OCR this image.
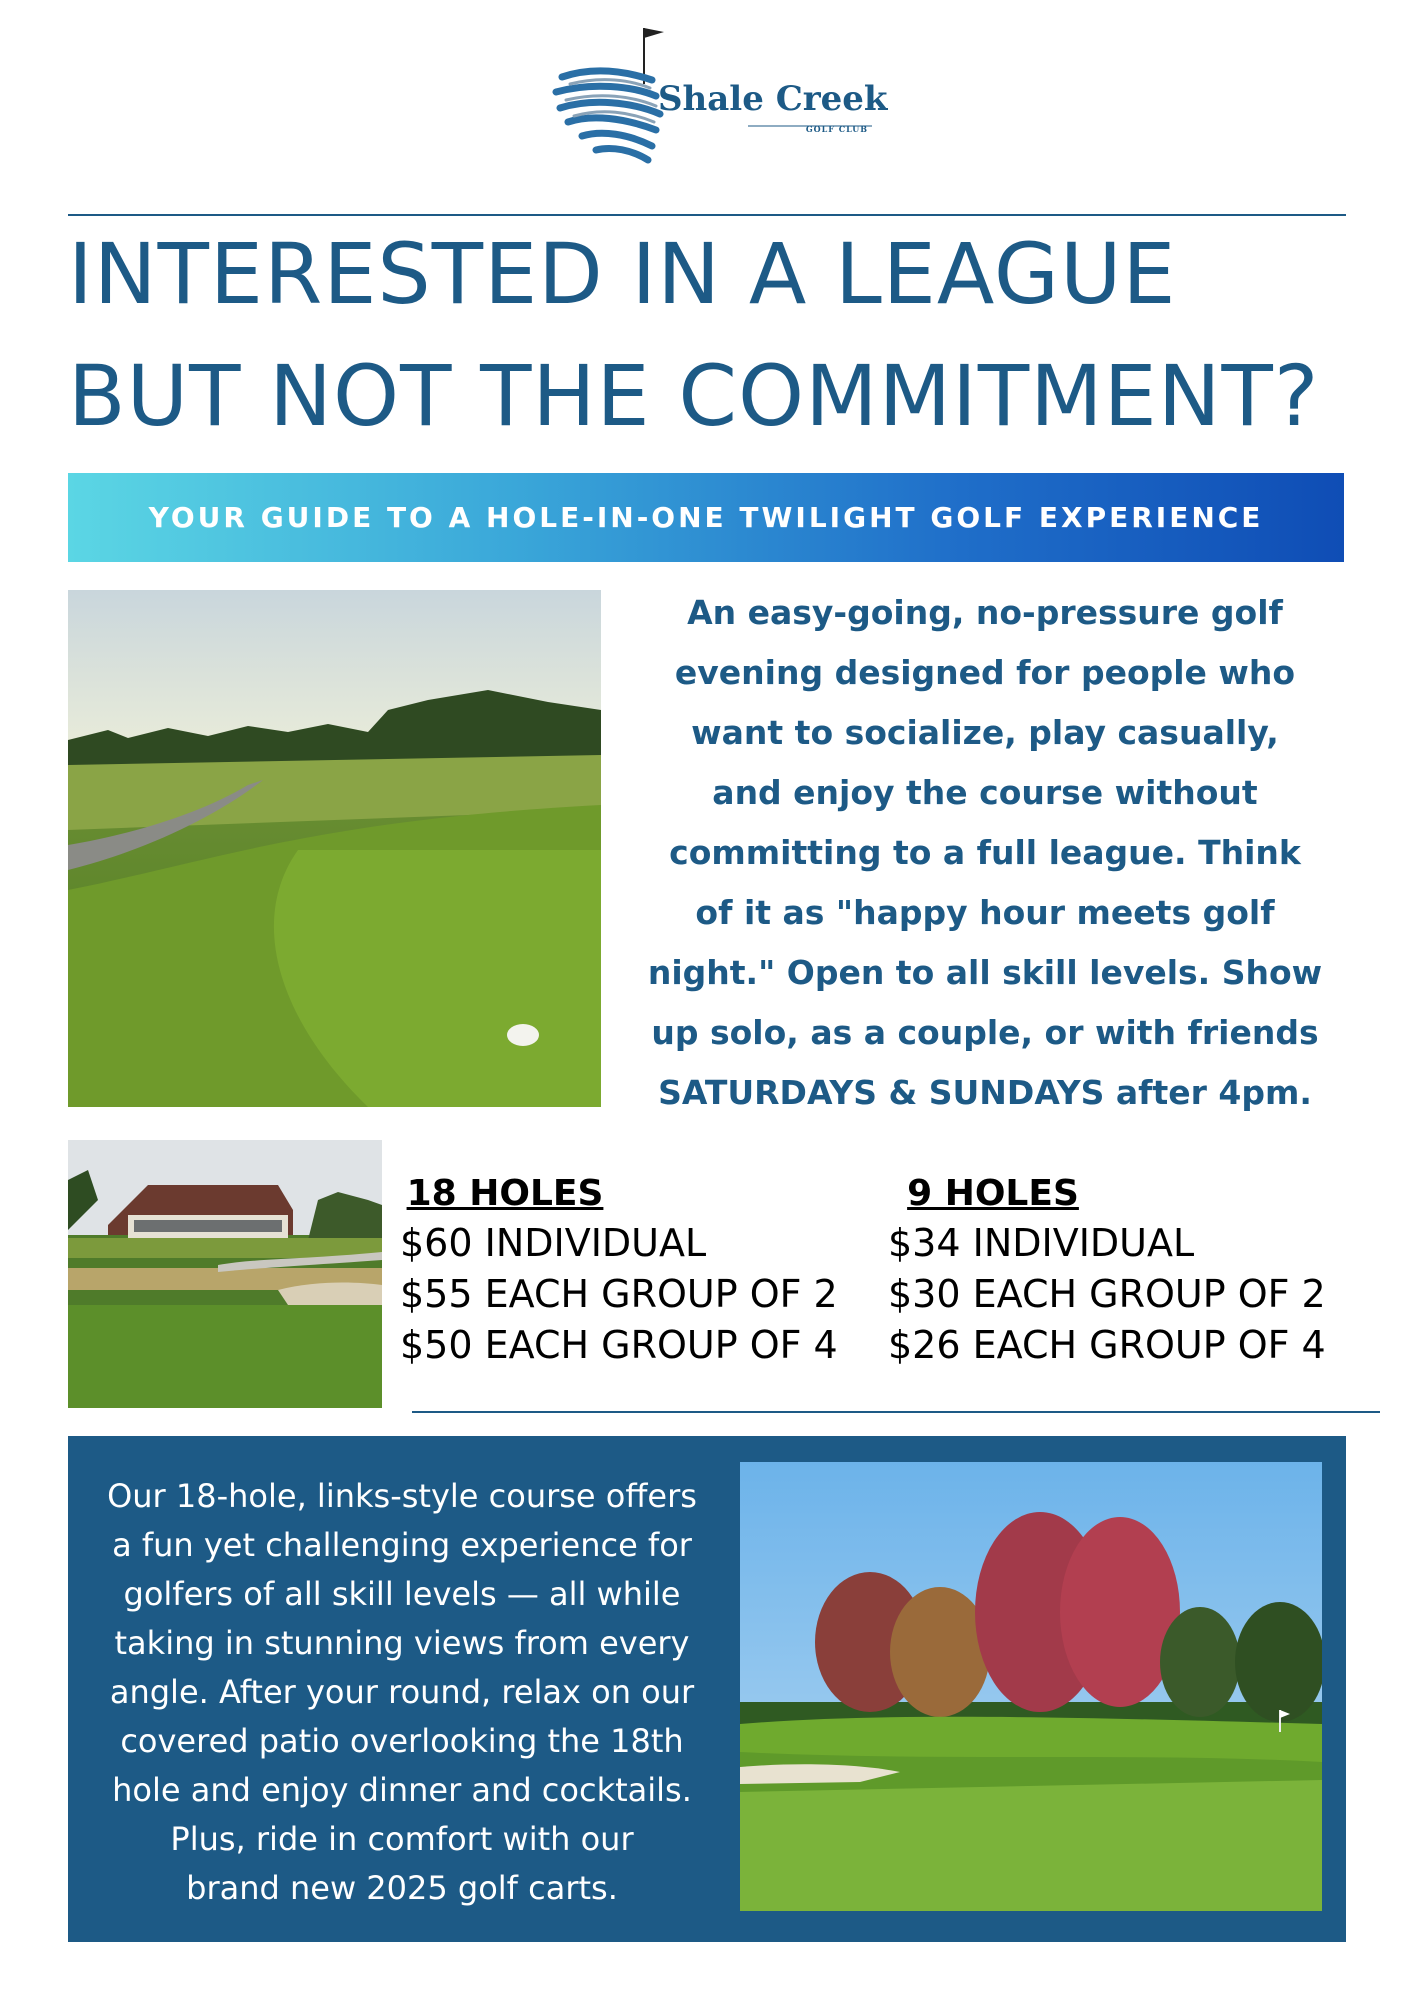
Shale Creek
GOLF CLUB
INTERESTED IN A LEAGUE
BUT NOT THE COMMITMENT?
YOUR GUIDE TO A HOLE-IN-ONE TWILIGHT GOLF EXPERIENCE
An easy-going, no-pressure golf
evening designed for people who
want to socialize, play casually,
and enjoy the course without
committing to a full league. Think
of it as "happy hour meets golf
night." Open to all skill levels. Show
up solo, as a couple, or with friends
SATURDAYS & SUNDAYS after 4pm.
18 HOLES
$60 INDIVIDUAL
$55 EACH GROUP OF 2
$50 EACH GROUP OF 4
9 HOLES
$34 INDIVIDUAL
$30 EACH GROUP OF 2
$26 EACH GROUP OF 4
Our 18-hole, links-style course offers
a fun yet challenging experience for
golfers of all skill levels — all while
taking in stunning views from every
angle. After your round, relax on our
covered patio overlooking the 18th
hole and enjoy dinner and cocktails.
Plus, ride in comfort with our
brand new 2025 golf carts.
